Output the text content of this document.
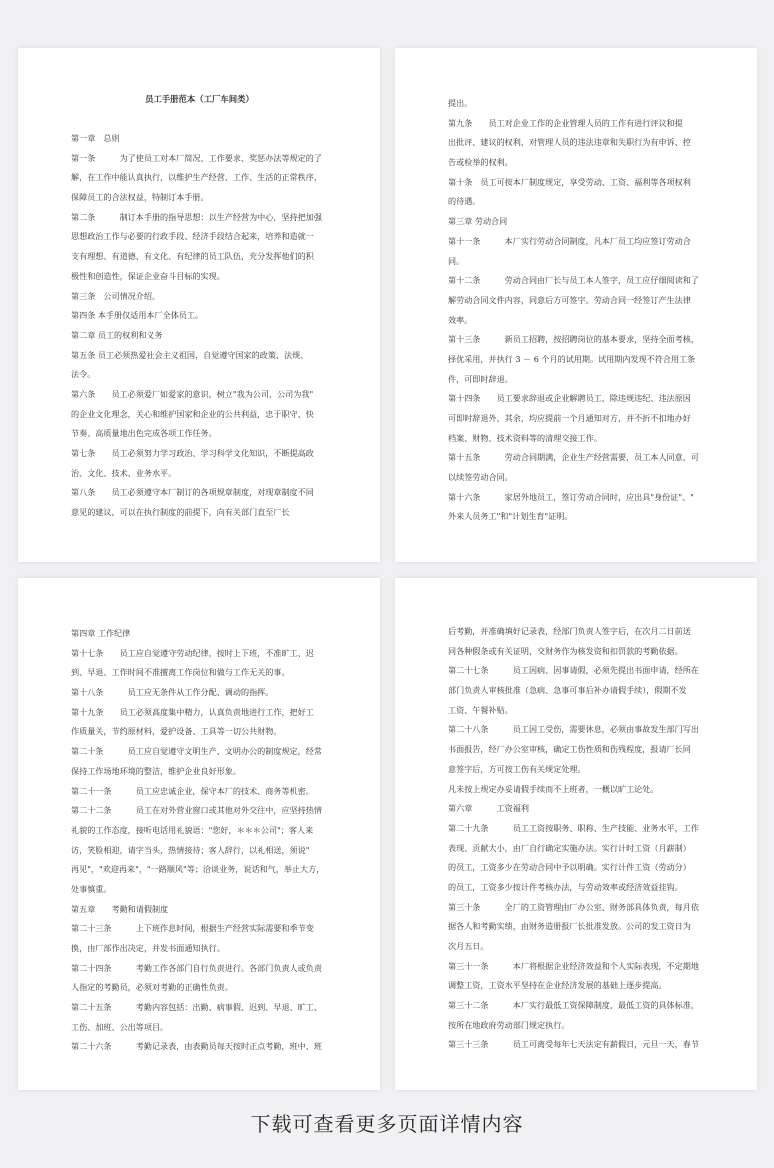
员工手册范本（工厂车间类）
第一章　总则
第一条　　　为了使员工对本厂简况、工作要求、奖惩办法等规定的了
解，在工作中能认真执行，以维护生产经营、工作、生活的正常秩序，
保障员工的合法权益，特制订本手册。
第二条　　　制订本手册的指导思想：以生产经营为中心，坚持把加强
思想政治工作与必要的行政手段、经济手段结合起来，培养和造就一
支有理想、有道德、有文化、有纪律的员工队伍，充分发挥他们的积
极性和创造性，保证企业奋斗目标的实现。
第三条　公司情况介绍。
第四条 本手册仅适用本厂全体员工。
第二章 员工的权利和义务
第五条 员工必须热爱社会主义祖国，自觉遵守国家的政策、法规、
法令。
第六条　　员工必须爱厂如爱家的意识，树立"我为公司，公司为我"
的企业文化理念，关心和维护国家和企业的公共利益，忠于职守、快
节奏、高质量地出色完成各项工作任务。
第七条　　员工必须努力学习政治、学习科学文化知识，不断提高政
治、文化、技术、业务水平。
第八条　　员工必须遵守本厂制订的各项规章制度，对现章制度不同
意见的建议，可以在执行制度的前提下，向有关部门直至厂长
提出。
第九条　　员工对企业工作的企业管理人员的工作有进行评议和提
出批评、建议的权利，对管理人员的违法违章和失职行为有申诉、控
告或检举的权利。
第十条　员工可按本厂制度规定，享受劳动、工资、福利等各项权利
的待遇。
第三章 劳动合同
第十一条　　　本厂实行劳动合同制度，凡本厂员工均应签订劳动合
同。
第十二条　　　劳动合同由厂长与员工本人签字，员工应仔细阅读和了
解劳动合同文件内容，同意后方可签字。劳动合同一经签订产生法律
效率。
第十三条　　　新员工招聘，按招聘岗位的基本要求，坚持全面考核，
择优采用，并执行 3 － 6 个月的试用期。试用期内发现不符合用工条
件，可即时辞退。
第十四条　　员工要求辞退或企业解聘员工，除违规违纪、违法原因
可即时辞退外，其余，均应提前一个月通知对方，并不折不扣地办好
档案、财物、技术资料等的清理交接工作。
第十五条　　　劳动合同期满，企业生产经营需要，员工本人同意，可
以续签劳动合同。
第十六条　　　家居外地员工，签订劳动合同时，应出具"身份证"、"
外来人员务工"和"计划生育"证明。
第四章 工作纪律
第十七条　　员工应自觉遵守劳动纪律，按时上下班，不准旷工、迟
到、早退、工作时间不准擅离工作岗位和做与工作无关的事。
第十八条　　　员工应无条件从工作分配、调动的指挥。
第十九条　　员工必须高度集中精力，认真负责地进行工作，把好工
作质量关，节约原材料，爱护设备、工具等一切公共财物。
第二十条　　　员工应自觉遵守文明生产、文明办公的制度规定，经常
保持工作场地环境的整洁，维护企业良好形象。
第二十一条　　　员工应忠诚企业，保守本厂的技术、商务等机密。
第二十二条　　　员工在对外营业窗口或其他对外交往中，应坚持热情
礼貌的工作态度，接听电话用礼貌语："您好，＊＊＊公司"；客人来
访，笑脸相迎，请字当头，热情接待；客人辞行，以礼相送，须说"
再见"，"欢迎再来"，"一路顺风"等；洽谈业务，说话和气，举止大方，
处事慎重。
第五章　　考勤和请假制度
第二十三条　　　上下班作息时间，根据生产经营实际需要和季节变
换，由厂部作出决定，并发书面通知执行。
第二十四条　　　考勤工作各部门自行负责进行。各部门负责人或负责
人指定的考勤员，必须对考勤的正确性负责。
第二十五条　　　考勤内容包括：出勤、病事假、迟到、早退、旷工、
工伤、加班、公出等项目。
第二十六条　　　考勤记录表，由表勤员每天按时正点考勤，班中、班
后考勤，并准确填好记录表，经部门负责人签字后，在次月二日前送
同各种假条或有关证明，交财务作为核发资和扣罚款的考勤依据。
第二十七条　　　员工因病、因事请假，必须先提出书面申请，经所在
部门负责人审核批准（急病、急事可事后补办请假手续），假期不发
工资、午餐补贴。
第二十八条　　　员工因工受伤，需要休息，必须由事故发生部门写出
书面报告，经厂办公室审核，确定工伤性质和伤残程度，报请厂长同
意签字后，方可按工伤有关规定处理。
凡未按上规定办妥请假手续而不上班者，一概以旷工论处。
第六章　　　工资福利
第二十九条　　　员工工资按职务、职称、生产技能、业务水平，工作
表现、贡献大小，由厂自行确定实施办法。实行计时工资（月薪制）
的员工，工资多少在劳动合同中予以明确。实行计件工资（劳动分）
的员工，工资多少按计件考核办法，与劳动效率或经济效益挂钩。
第三十条　　　全厂的工资管理由厂办公室、财务部具体负责，每月依
据各人和考勤实绩，由财务造册报厂长批准发放。公司的发工资日为
次月五日。
第三十一条　　　本厂将根据企业经济效益和个人实际表现，不定期地
调整工资，工资水平坚持在企业经济发展的基础上逐步提高。
第三十二条　　　本厂实行最低工资保障制度，最低工资的具体标准，
按所在地政府劳动部门规定执行。
第三十三条　　　员工可离受每年七天法定有薪假日，元旦一天，春节
下载可查看更多页面详情内容
